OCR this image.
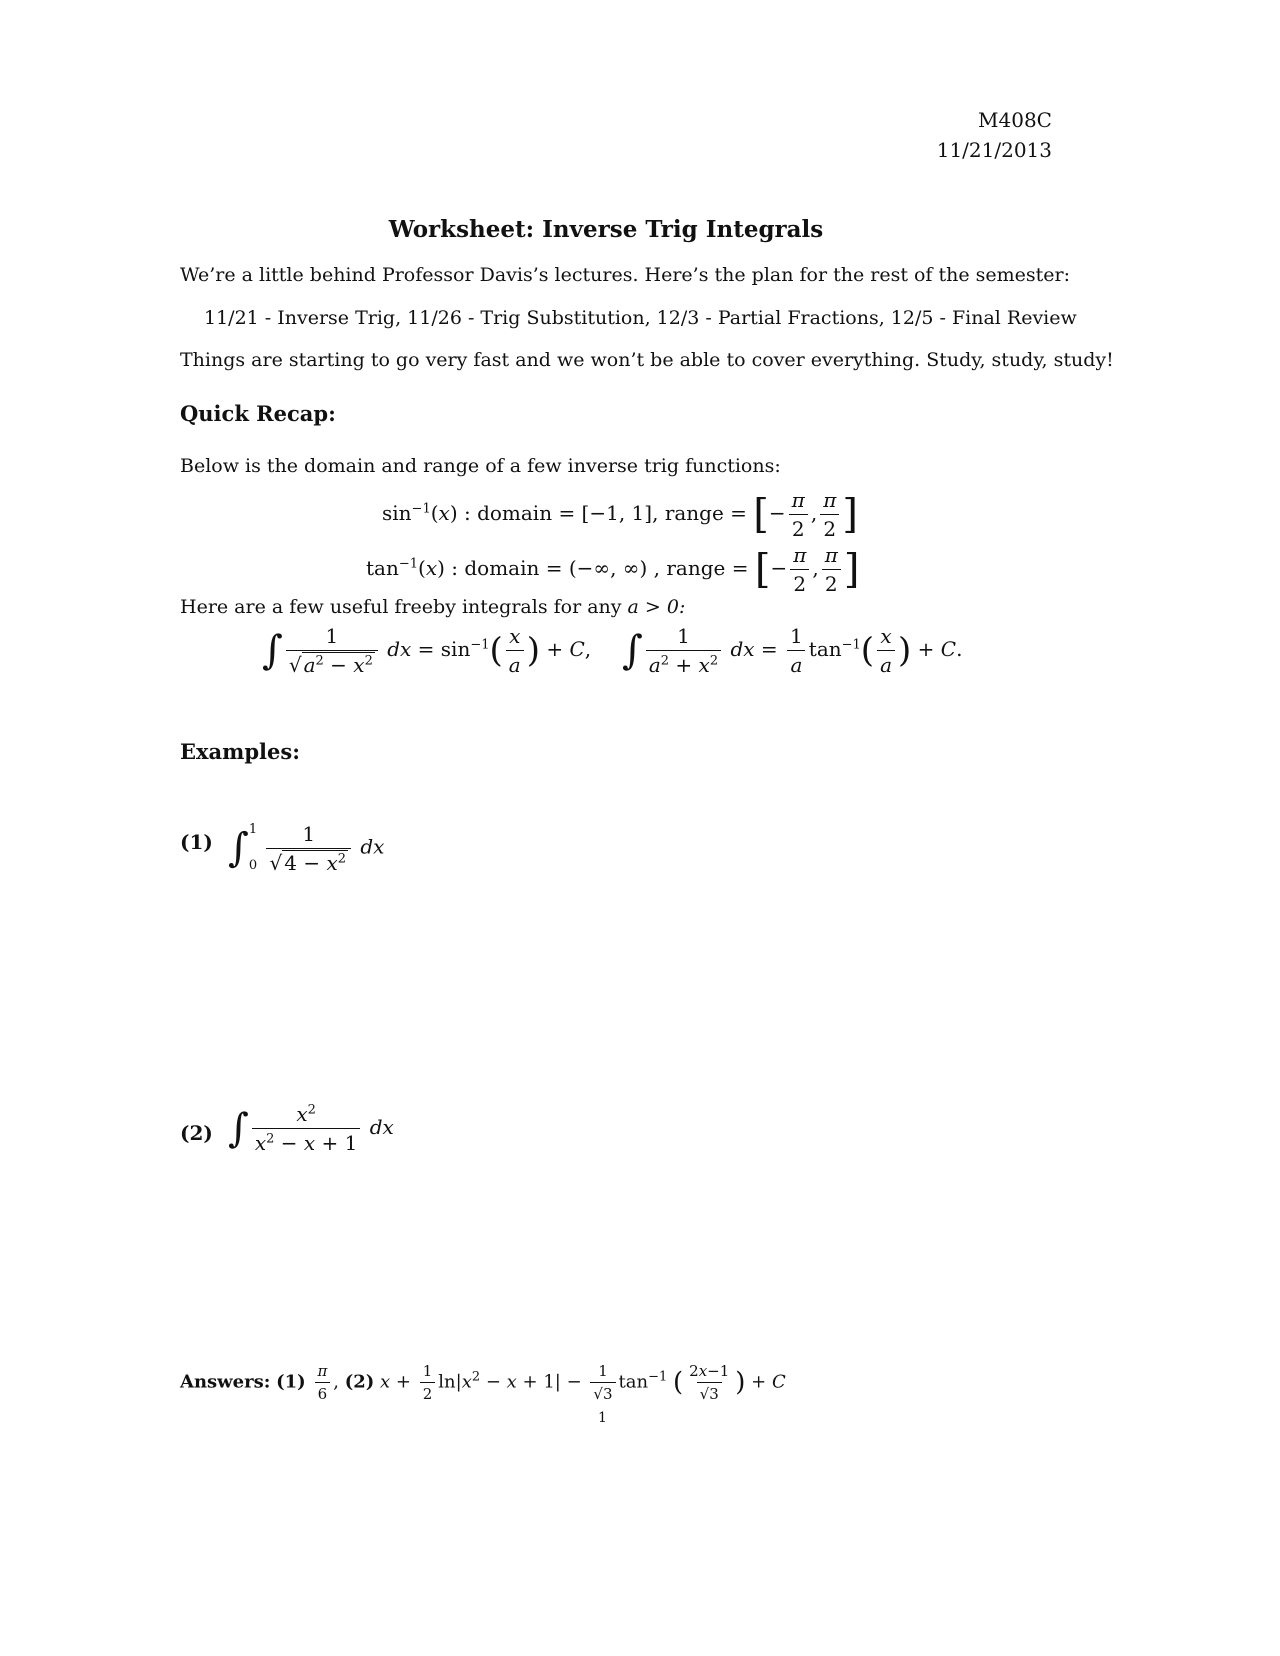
M408C
11/21/2013
Worksheet: Inverse Trig Integrals
We’re a little behind Professor Davis’s lectures. Here’s the plan for the rest of the semester:
11/21 - Inverse Trig, 11/26 - Trig Substitution, 12/3 - Partial Fractions, 12/5 - Final Review
Things are starting to go very fast and we won’t be able to cover everything. Study, study, study!
Quick Recap:
Below is the domain and range of a few inverse trig functions:
$\sin^{-1}(x)$ : domain = [−1, 1], range = [− $\frac{\pi}{2}$ , $\frac{\pi}{2}$ ]
$\tan^{-1}(x)$ : domain = (−∞, ∞) , range = [− $\frac{\pi}{2}$ , $\frac{\pi}{2}$ ]
Here are a few useful freeby integrals for any a > 0:
∫ $\frac{1}{√ a^2 - x^2}$ dx = $\sin^{-1}( \frac{x}{a}$ ) + C, ∫ $\frac{1}{a^2 + x^2}$ dx = $\frac{1}{a} \tan^{-1}( \frac{x}{a}$ ) + C.
Examples:
(1) ∫ 1
0
$\frac{1}{√ 4 - x^2}$ dx
(2) ∫ $\frac{x^2}{x^2 - x + 1}$ dx
Answers: $(1) \frac{\pi}{6}$ , (2) $x + \frac{1}{2} \ln|x^2 - x + 1| - \frac{1}{√3} \tan^{-1}$ ( $\frac{2x-1}{√3}$ ) + C
1
